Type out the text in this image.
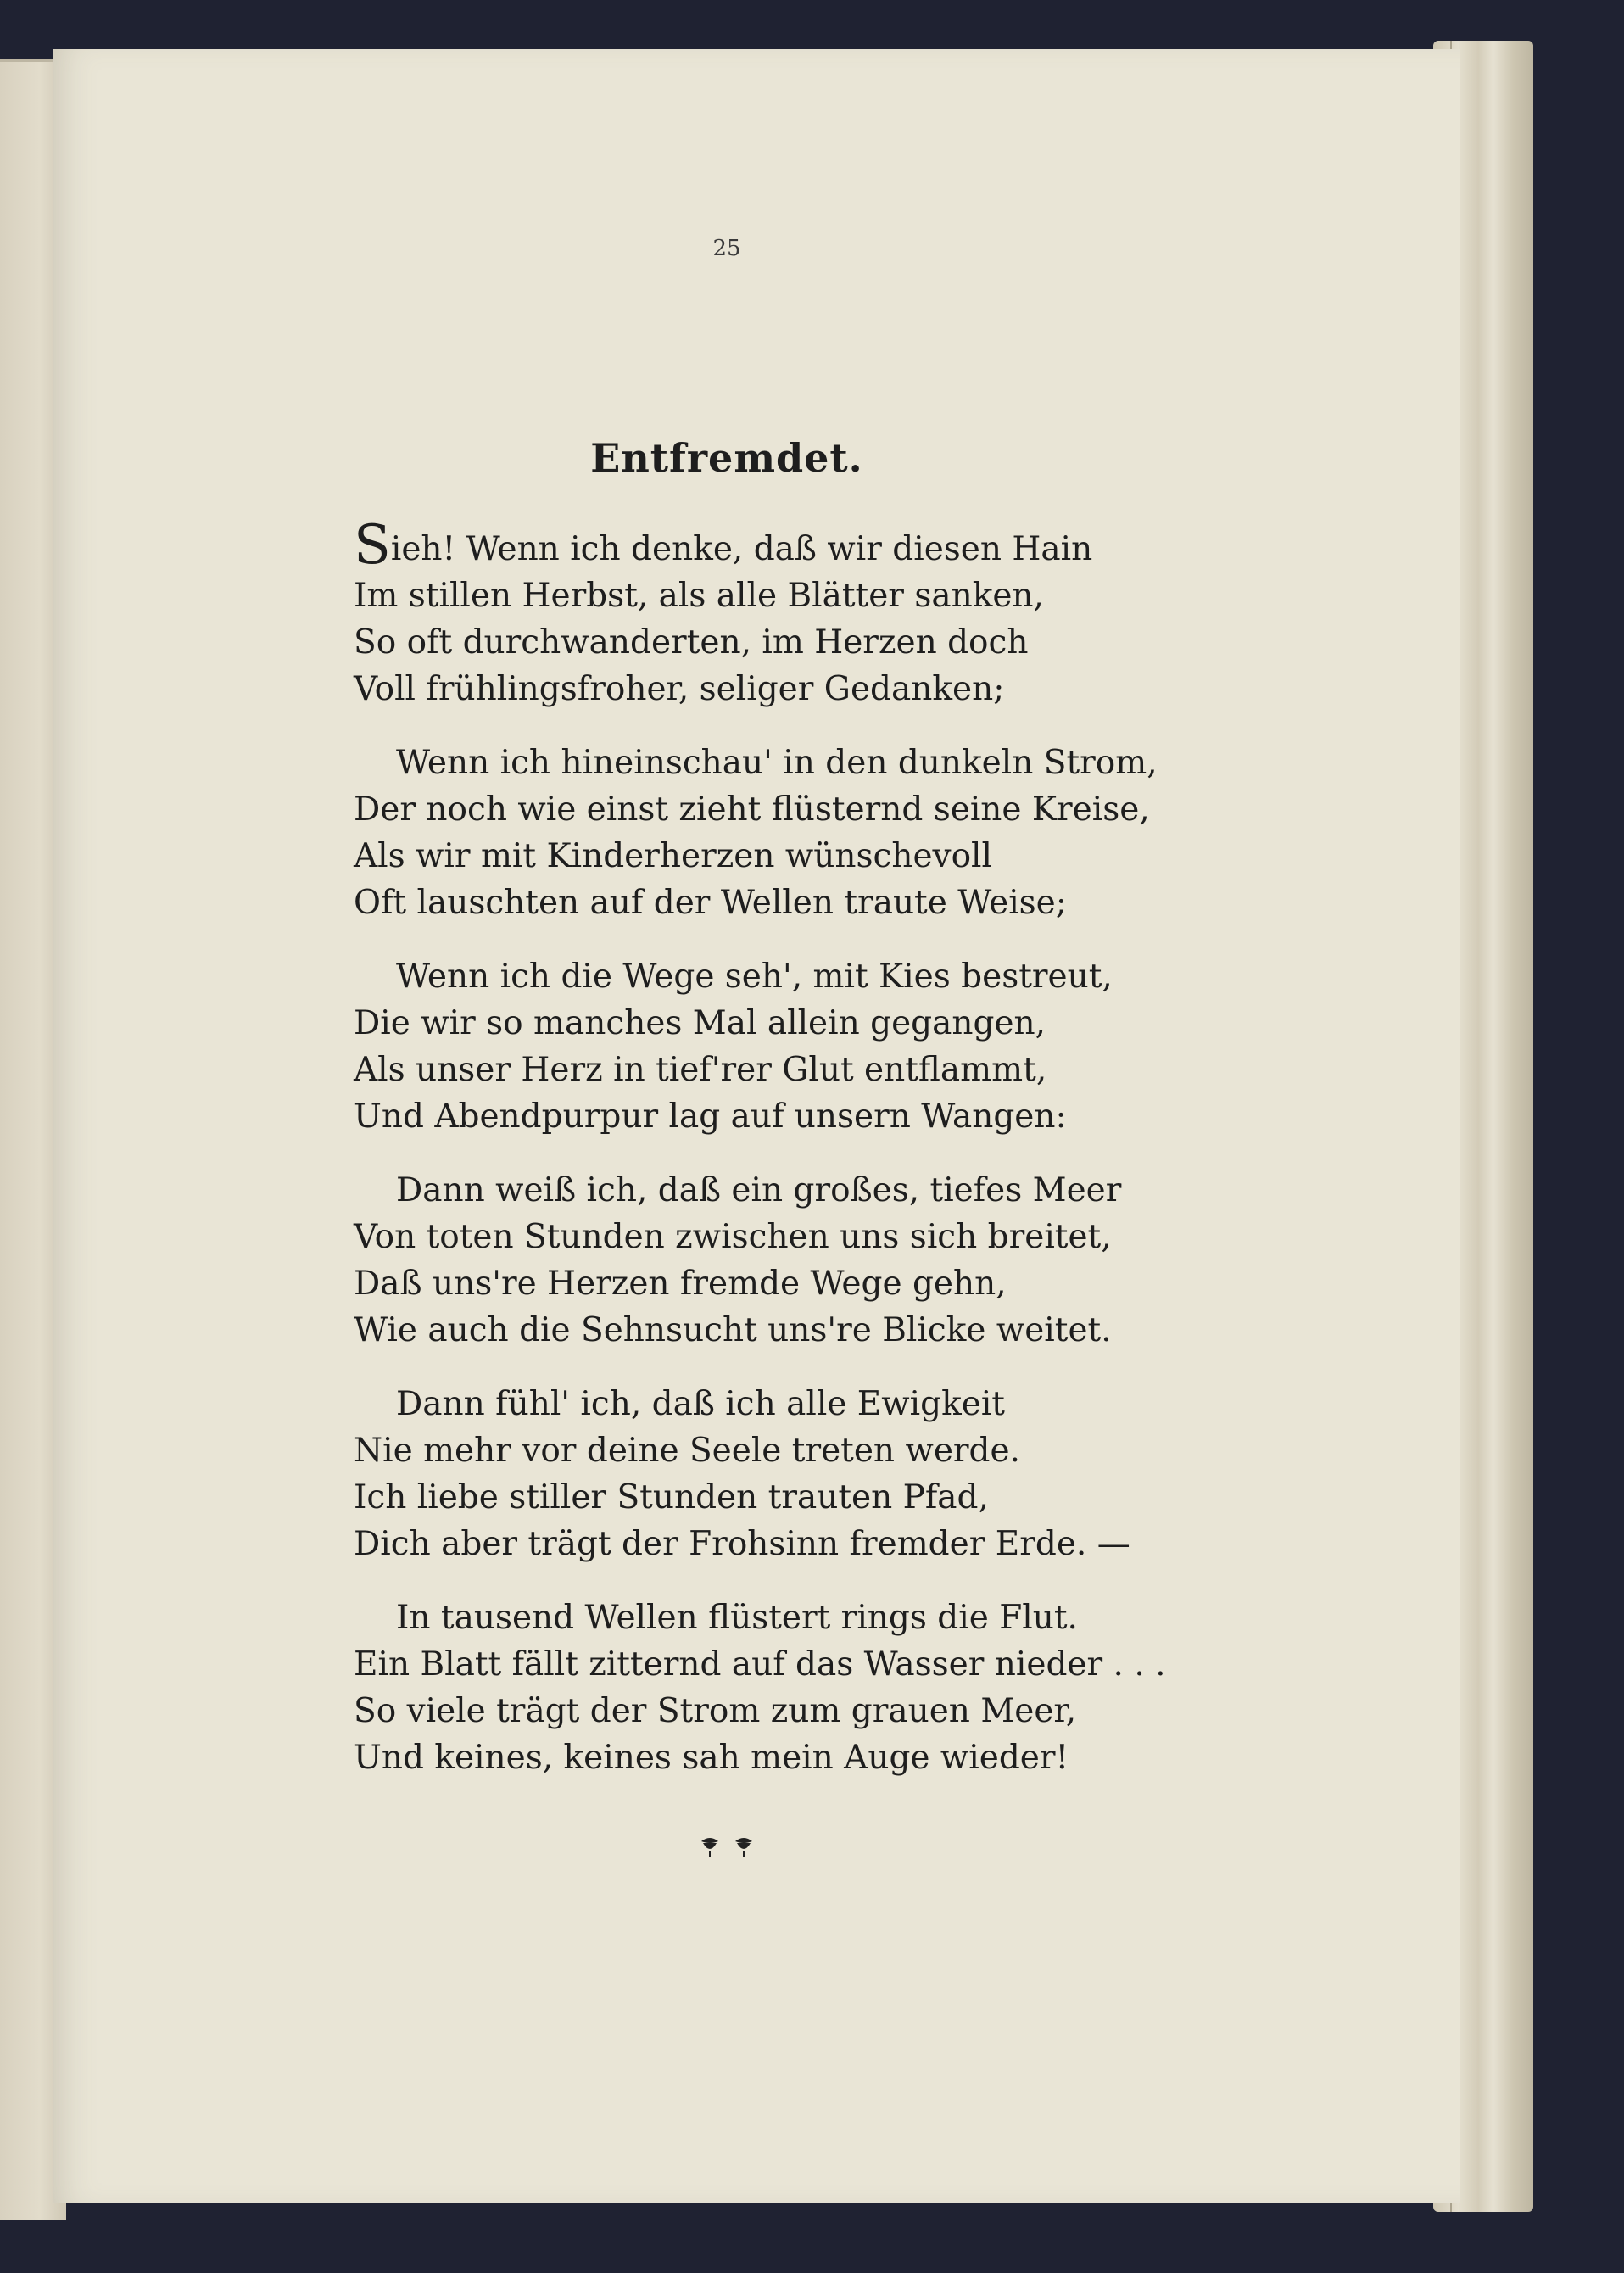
25
Entfremdet.
Sieh! Wenn ich denke, daß wir diesen Hain
Im stillen Herbst, als alle Blätter sanken,
So oft durchwanderten, im Herzen doch
Voll frühlingsfroher, seliger Gedanken;
Wenn ich hineinschau' in den dunkeln Strom,
Der noch wie einst zieht flüsternd seine Kreise,
Als wir mit Kinderherzen wünschevoll
Oft lauschten auf der Wellen traute Weise;
Wenn ich die Wege seh', mit Kies bestreut,
Die wir so manches Mal allein gegangen,
Als unser Herz in tief'rer Glut entflammt,
Und Abendpurpur lag auf unsern Wangen:
Dann weiß ich, daß ein großes, tiefes Meer
Von toten Stunden zwischen uns sich breitet,
Daß uns're Herzen fremde Wege gehn,
Wie auch die Sehnsucht uns're Blicke weitet.
Dann fühl' ich, daß ich alle Ewigkeit
Nie mehr vor deine Seele treten werde.
Ich liebe stiller Stunden trauten Pfad,
Dich aber trägt der Frohsinn fremder Erde. —
In tausend Wellen flüstert rings die Flut.
Ein Blatt fällt zitternd auf das Wasser nieder . . .
So viele trägt der Strom zum grauen Meer,
Und keines, keines sah mein Auge wieder!
